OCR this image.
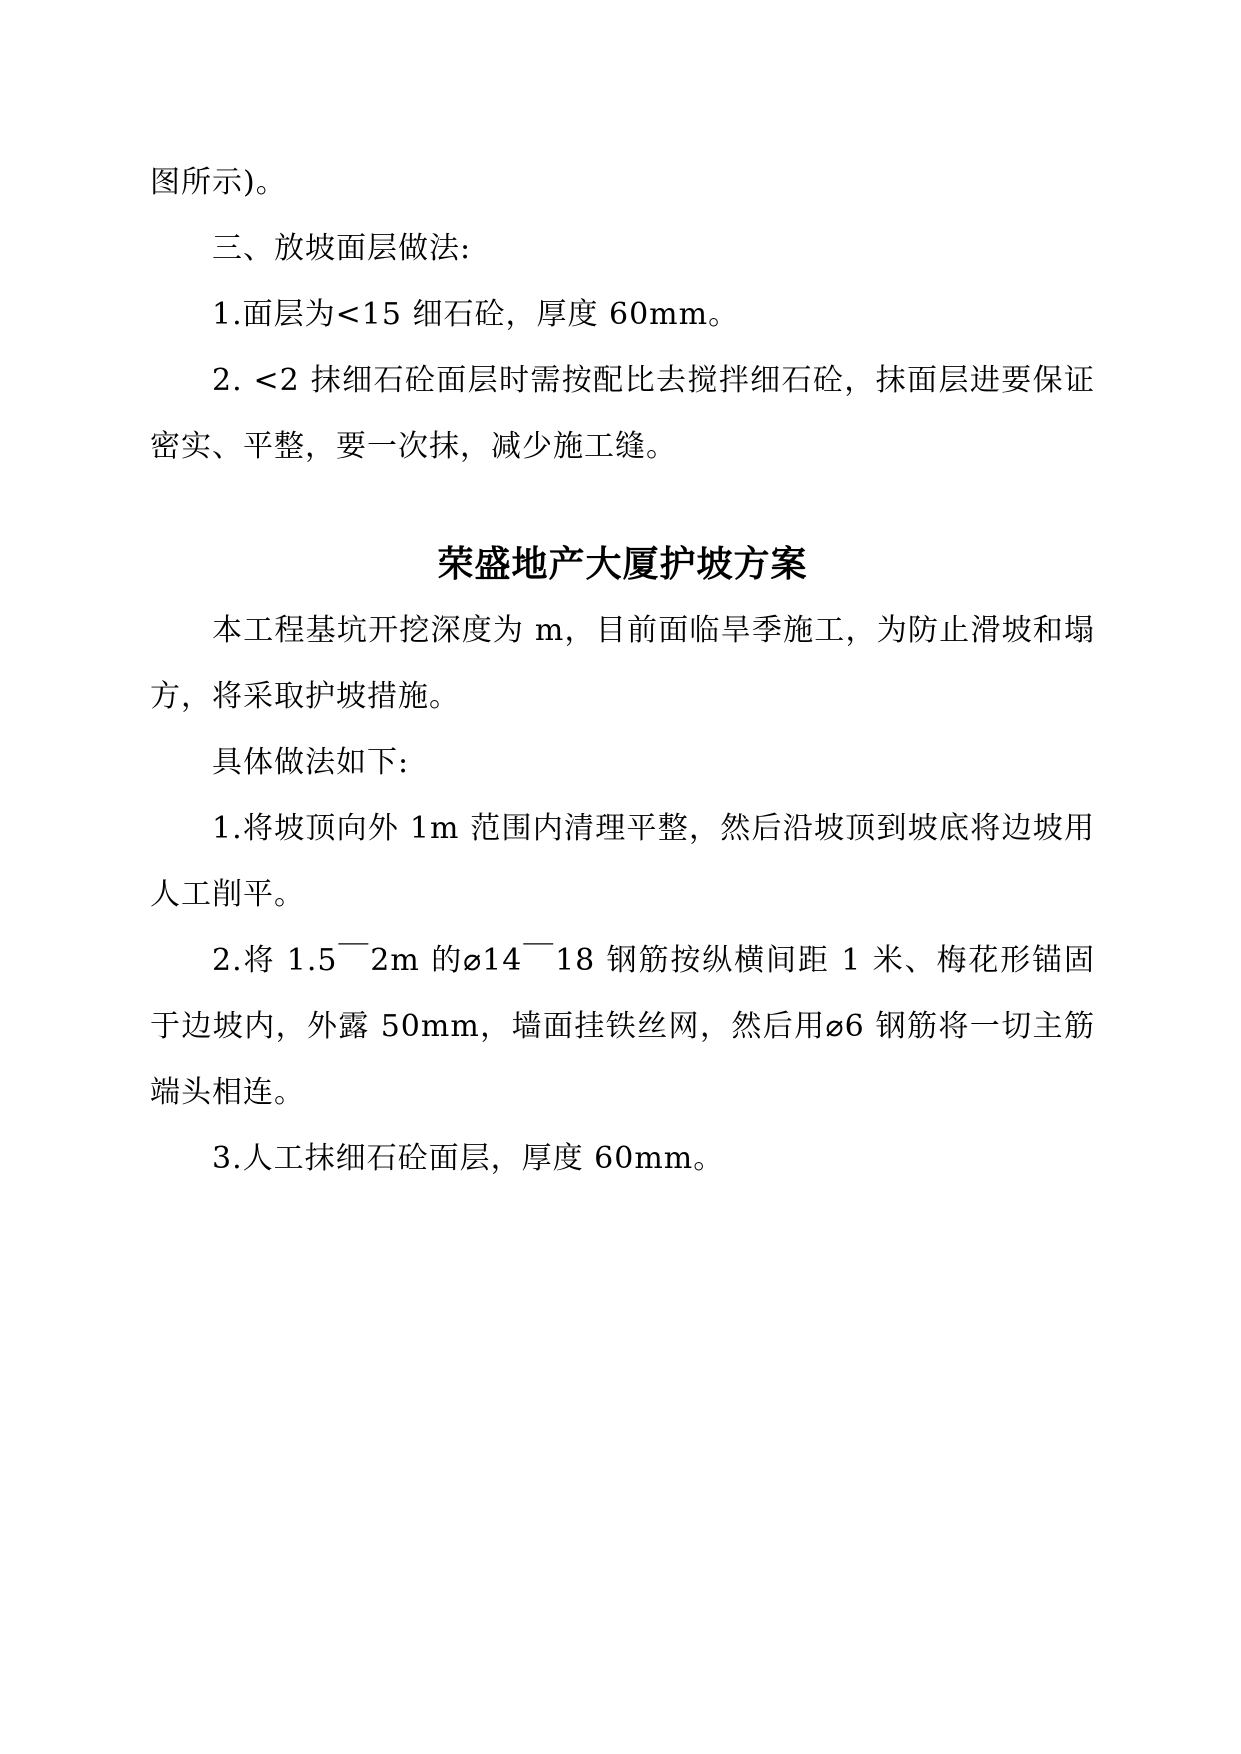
图所示)。

三、放坡面层做法:

1.面层为<15 细石砼，厚度 60mm。

2. <2 抹细石砼面层时需按配比去搅拌细石砼，抹面层进要保证密实、平整，要一次抹，减少施工缝。

荣盛地产大厦护坡方案

本工程基坑开挖深度为 m，目前面临旱季施工，为防止滑坡和塌方，将采取护坡措施。

具体做法如下:

1.将坡顶向外 1m 范围内清理平整，然后沿坡顶到坡底将边坡用人工削平。

2.将 1.5￣2m 的⌀14￣18 钢筋按纵横间距 1 米、梅花形锚固于边坡内，外露 50mm，墙面挂铁丝网，然后用⌀6 钢筋将一切主筋端头相连。

3.人工抹细石砼面层，厚度 60mm。
